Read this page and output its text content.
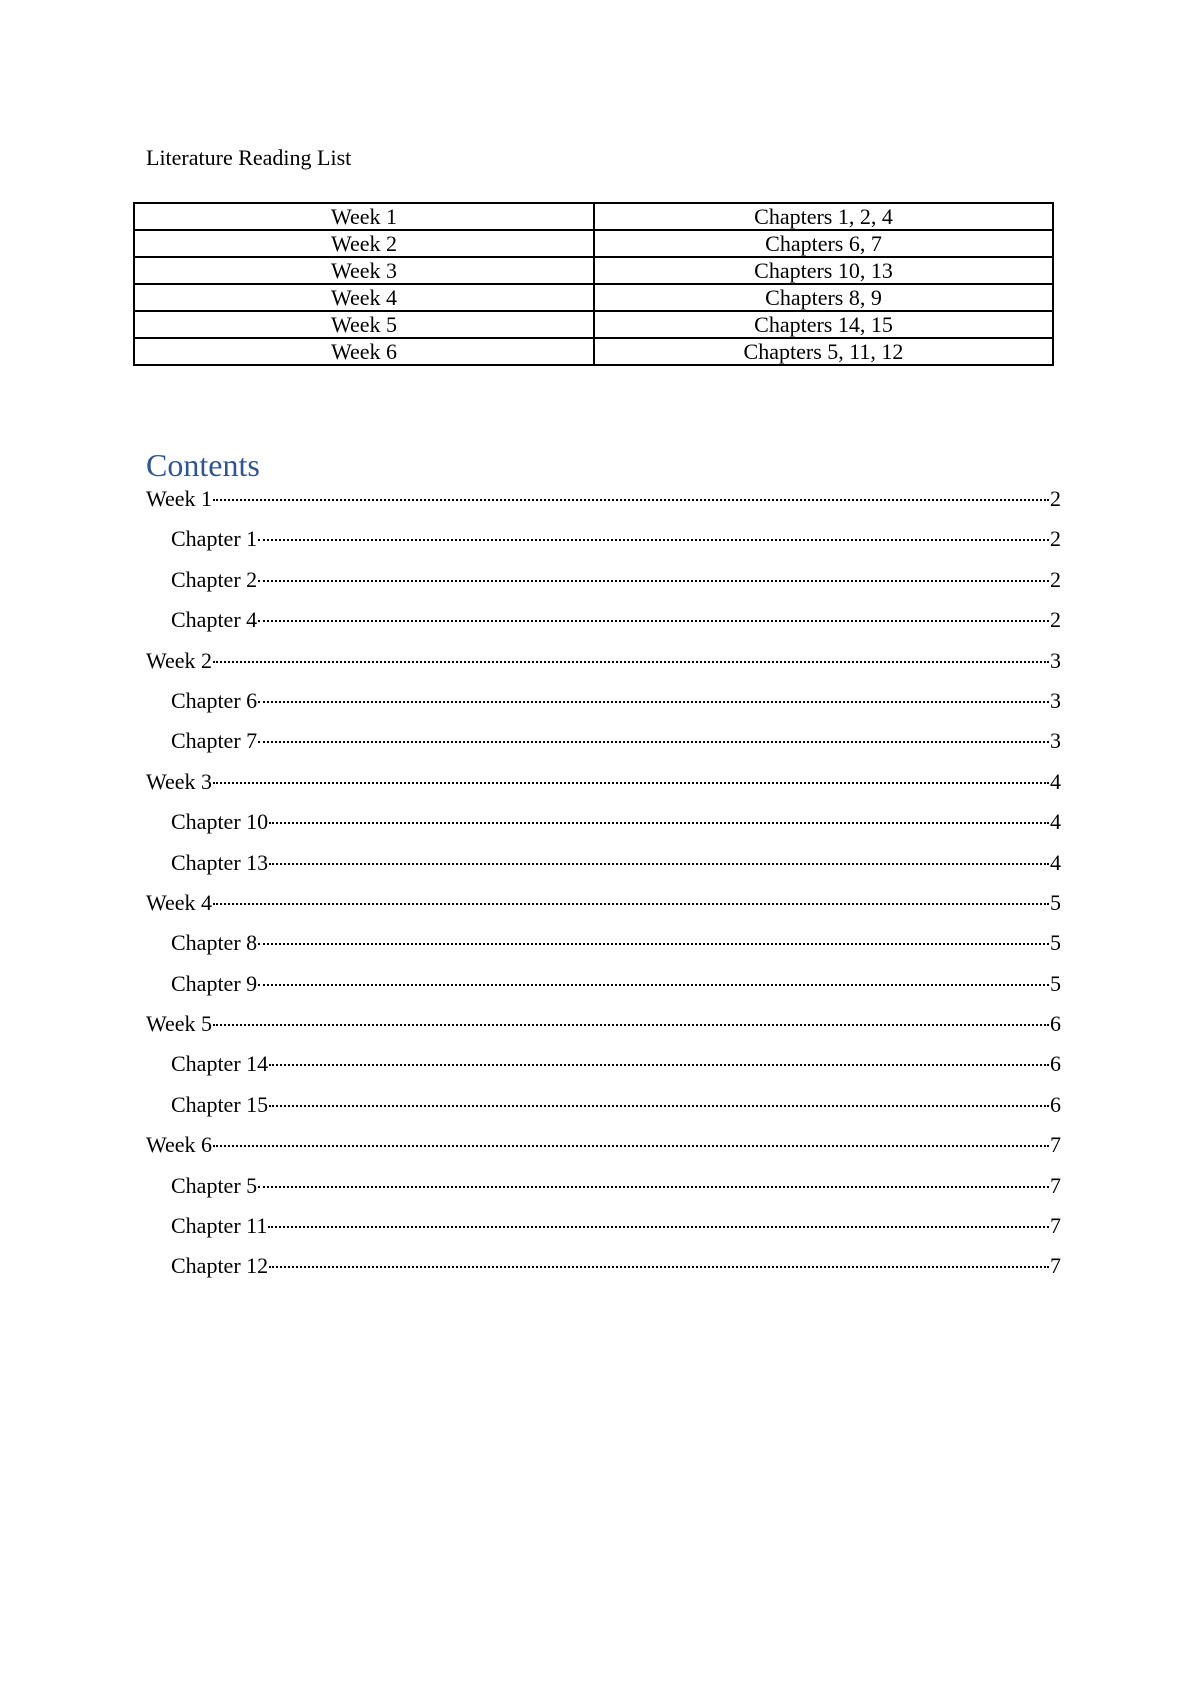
Literature Reading List
Week 1	Chapters 1, 2, 4
Week 2	Chapters 6, 7
Week 3	Chapters 10, 13
Week 4	Chapters 8, 9
Week 5	Chapters 14, 15
Week 6	Chapters 5, 11, 12
Contents
Week 1	2
Chapter 1	2
Chapter 2	2
Chapter 4	2
Week 2	3
Chapter 6	3
Chapter 7	3
Week 3	4
Chapter 10	4
Chapter 13	4
Week 4	5
Chapter 8	5
Chapter 9	5
Week 5	6
Chapter 14	6
Chapter 15	6
Week 6	7
Chapter 5	7
Chapter 11	7
Chapter 12	7
